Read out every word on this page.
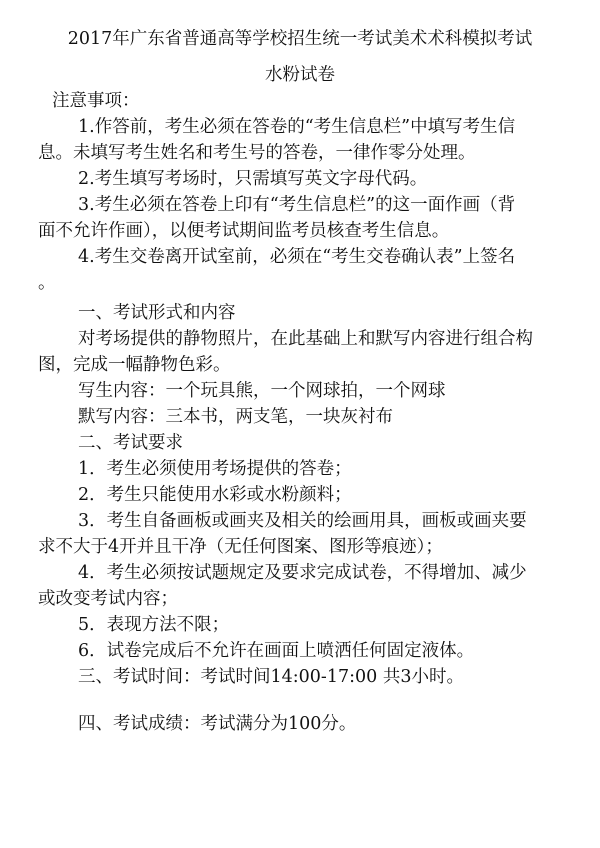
2017年广东省普通高等学校招生统一考试美术术科模拟考试
水粉试卷
注意事项：
1.作答前，考生必须在答卷的“考生信息栏”中填写考生信
息。未填写考生姓名和考生号的答卷，一律作零分处理。
2.考生填写考场时，只需填写英文字母代码。
3.考生必须在答卷上印有“考生信息栏”的这一面作画（背
面不允许作画），以便考试期间监考员核查考生信息。
4.考生交卷离开试室前，必须在“考生交卷确认表”上签名
。
一、考试形式和内容
对考场提供的静物照片，在此基础上和默写内容进行组合构
图，完成一幅静物色彩。
写生内容：一个玩具熊，一个网球拍，一个网球
默写内容：三本书，两支笔，一块灰衬布
二、考试要求
1．考生必须使用考场提供的答卷；
2．考生只能使用水彩或水粉颜料；
3．考生自备画板或画夹及相关的绘画用具，画板或画夹要
求不大于4开并且干净（无任何图案、图形等痕迹）；
4．考生必须按试题规定及要求完成试卷，不得增加、减少
或改变考试内容；
5．表现方法不限；
6．试卷完成后不允许在画面上喷洒任何固定液体。
三、考试时间：考试时间14:00-17:00 共3小时。
四、考试成绩：考试满分为100分。
